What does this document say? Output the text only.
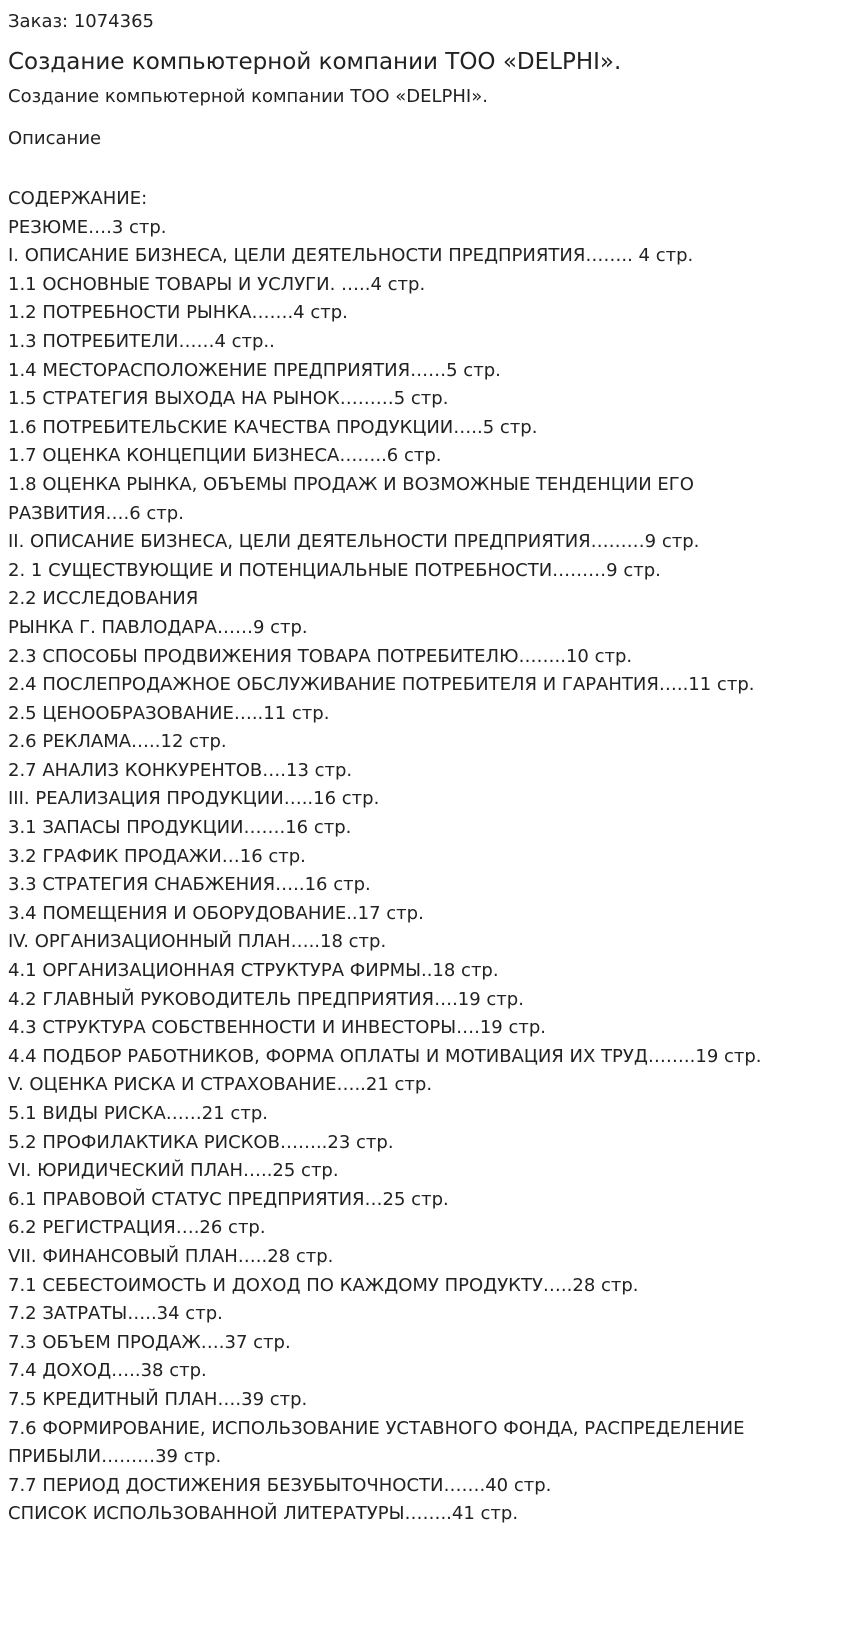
Заказ: 1074365
Создание компьютерной компании ТОО «DELPHI».
Создание компьютерной компании ТОО «DELPHI».
Описание
СОДЕРЖАНИЕ:
РЕЗЮМЕ….3 стр.
I. ОПИСАНИЕ БИЗНЕСА, ЦЕЛИ ДЕЯТЕЛЬНОСТИ ПРЕДПРИЯТИЯ…….. 4 стр.
1.1 ОСНОВНЫЕ ТОВАРЫ И УСЛУГИ. …..4 стр.
1.2 ПОТРЕБНОСТИ РЫНКА…….4 стр.
1.3 ПОТРЕБИТЕЛИ……4 стр..
1.4 МЕСТОРАСПОЛОЖЕНИЕ ПРЕДПРИЯТИЯ……5 стр.
1.5 СТРАТЕГИЯ ВЫХОДА НА РЫНОК………5 стр.
1.6 ПОТРЕБИТЕЛЬСКИЕ КАЧЕСТВА ПРОДУКЦИИ…..5 стр.
1.7 ОЦЕНКА КОНЦЕПЦИИ БИЗНЕСА……..6 стр.
1.8 ОЦЕНКА РЫНКА, ОБЪЕМЫ ПРОДАЖ И ВОЗМОЖНЫЕ ТЕНДЕНЦИИ ЕГО РАЗВИТИЯ….6 стр.
II. ОПИСАНИЕ БИЗНЕСА, ЦЕЛИ ДЕЯТЕЛЬНОСТИ ПРЕДПРИЯТИЯ………9 стр.
2. 1 СУЩЕСТВУЮЩИЕ И ПОТЕНЦИАЛЬНЫЕ ПОТРЕБНОСТИ………9 стр.
2.2 ИССЛЕДОВАНИЯ
РЫНКА Г. ПАВЛОДАРА……9 стр.
2.3 СПОСОБЫ ПРОДВИЖЕНИЯ ТОВАРА ПОТРЕБИТЕЛЮ……..10 стр.
2.4 ПОСЛЕПРОДАЖНОЕ ОБСЛУЖИВАНИЕ ПОТРЕБИТЕЛЯ И ГАРАНТИЯ…..11 стр.
2.5 ЦЕНООБРАЗОВАНИЕ…..11 стр.
2.6 РЕКЛАМА…..12 стр.
2.7 АНАЛИЗ КОНКУРЕНТОВ….13 стр.
III. РЕАЛИЗАЦИЯ ПРОДУКЦИИ…..16 стр.
3.1 ЗАПАСЫ ПРОДУКЦИИ…….16 стр.
3.2 ГРАФИК ПРОДАЖИ…16 стр.
3.3 СТРАТЕГИЯ СНАБЖЕНИЯ…..16 стр.
3.4 ПОМЕЩЕНИЯ И ОБОРУДОВАНИЕ..17 стр.
IV. ОРГАНИЗАЦИОННЫЙ ПЛАН…..18 стр.
4.1 ОРГАНИЗАЦИОННАЯ СТРУКТУРА ФИРМЫ..18 стр.
4.2 ГЛАВНЫЙ РУКОВОДИТЕЛЬ ПРЕДПРИЯТИЯ….19 стр.
4.3 СТРУКТУРА СОБСТВЕННОСТИ И ИНВЕСТОРЫ….19 стр.
4.4 ПОДБОР РАБОТНИКОВ, ФОРМА ОПЛАТЫ И МОТИВАЦИЯ ИХ ТРУД……..19 стр.
V. ОЦЕНКА РИСКА И СТРАХОВАНИЕ…..21 стр.
5.1 ВИДЫ РИСКА……21 стр.
5.2 ПРОФИЛАКТИКА РИСКОВ……..23 стр.
VI. ЮРИДИЧЕСКИЙ ПЛАН…..25 стр.
6.1 ПРАВОВОЙ СТАТУС ПРЕДПРИЯТИЯ…25 стр.
6.2 РЕГИСТРАЦИЯ….26 стр.
VII. ФИНАНСОВЫЙ ПЛАН…..28 стр.
7.1 СЕБЕСТОИМОСТЬ И ДОХОД ПО КАЖДОМУ ПРОДУКТУ…..28 стр.
7.2 ЗАТРАТЫ…..34 стр.
7.3 ОБЪЕМ ПРОДАЖ….37 стр.
7.4 ДОХОД…..38 стр.
7.5 КРЕДИТНЫЙ ПЛАН….39 стр.
7.6 ФОРМИРОВАНИЕ, ИСПОЛЬЗОВАНИЕ УСТАВНОГО ФОНДА, РАСПРЕДЕЛЕНИЕ ПРИБЫЛИ………39 стр.
7.7 ПЕРИОД ДОСТИЖЕНИЯ БЕЗУБЫТОЧНОСТИ…….40 стр.
СПИСОК ИСПОЛЬЗОВАННОЙ ЛИТЕРАТУРЫ……..41 стр.
